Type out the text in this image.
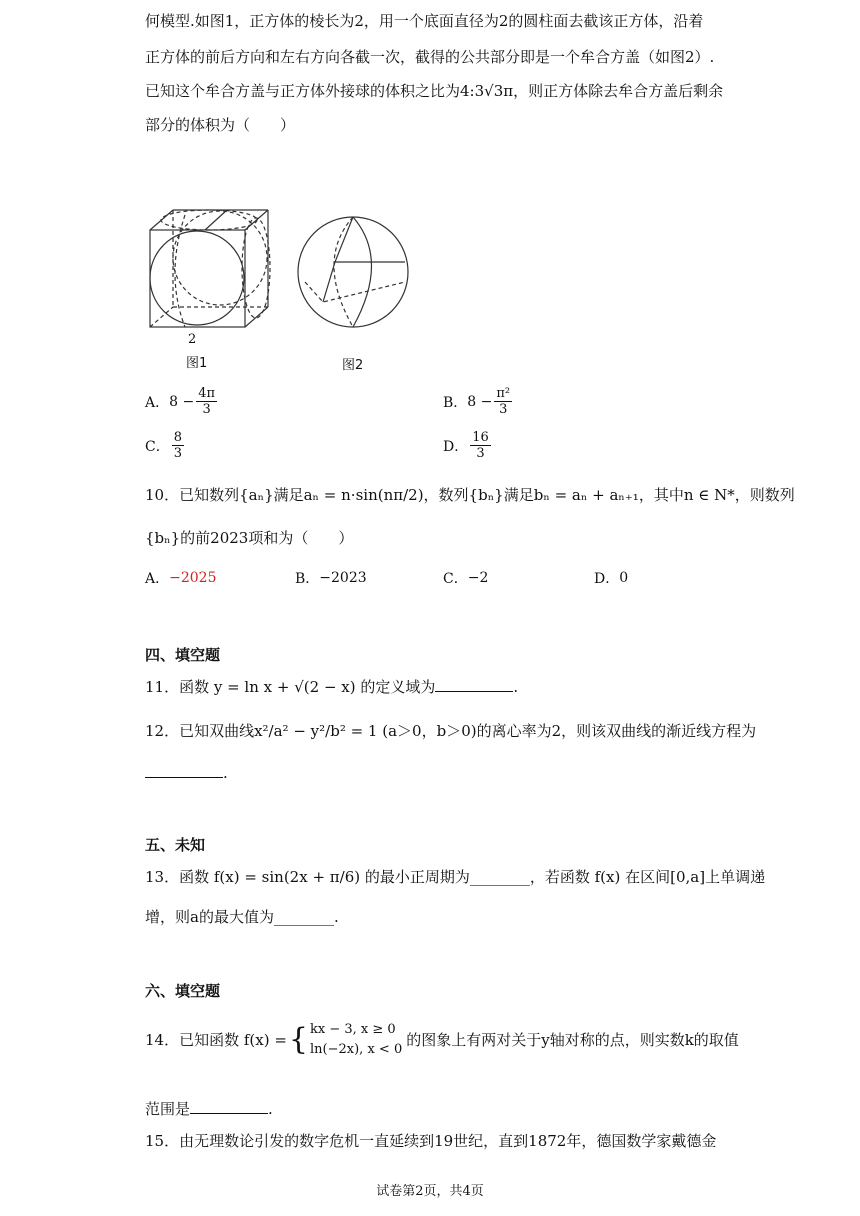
何模型.如图1，正方体的棱长为2，用一个底面直径为2的圆柱面去截该正方体，沿着
正方体的前后方向和左右方向各截一次，截得的公共部分即是一个牟合方盖（如图2）.
已知这个牟合方盖与正方体外接球的体积之比为4:3√3π，则正方体除去牟合方盖后剩余
部分的体积为（　　）
2
图1	图2
A． $8 - \frac{4\pi}{3}$	B． $8 - \frac{\text{π²}}{3}$
C． $\frac{8}{3}$	D． $\frac{16}{3}$
10．已知数列{aₙ}满足aₙ = n·sin(nπ/2)，数列{bₙ}满足bₙ = aₙ + aₙ₊₁，其中n ∈ N*，则数列
{bₙ}的前2023项和为（　　）
A． −2025	B． −2023	C． −2	D． 0
四、填空题
11．函数 y = ln x + √(2 − x) 的定义域为	.
12．已知双曲线x²/a² − y²/b² = 1 (a＞0，b＞0)的离心率为2，则该双曲线的渐近线方程为
.
五、未知
13．函数 f(x) = sin(2x + π/6) 的最小正周期为________，若函数 f(x) 在区间[0,a]上单调递
增，则a的最大值为________.
六、填空题
14．已知函数 f(x) = { kx − 3, x ≥ 0
ln(−2x), x < 0
的图象上有两对关于y轴对称的点，则实数k的取值
范围是	.
15．由无理数论引发的数字危机一直延续到19世纪，直到1872年，德国数学家戴德金
试卷第2页，共4页
